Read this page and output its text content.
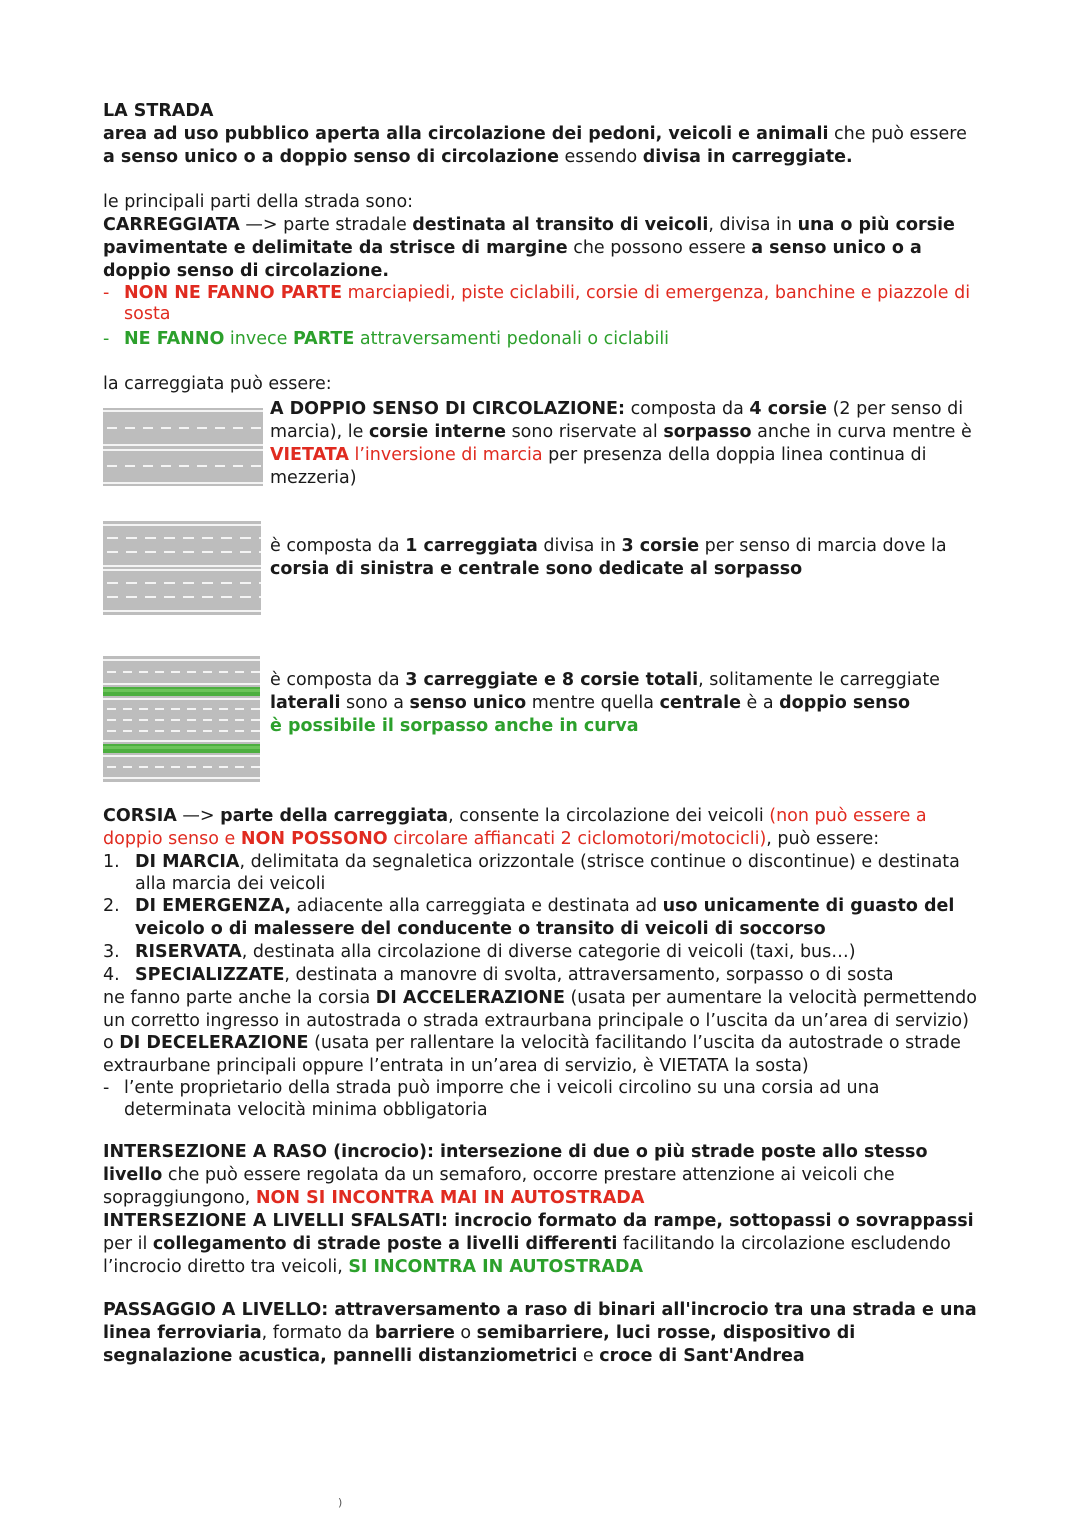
LA STRADA

area ad uso pubblico aperta alla circolazione dei pedoni, veicoli e animali che può essere a senso unico o a doppio senso di circolazione essendo divisa in carreggiate.

le principali parti della strada sono:

CARREGGIATA —> parte stradale destinata al transito di veicoli, divisa in una o più corsie pavimentate e delimitate da strisce di margine che possono essere a senso unico o a doppio senso di circolazione.

- NON NE FANNO PARTE marciapiedi, piste ciclabili, corsie di emergenza, banchine e piazzole di sosta

- NE FANNO invece PARTE attraversamenti pedonali o ciclabili

la carreggiata può essere:

A DOPPIO SENSO DI CIRCOLAZIONE: composta da 4 corsie (2 per senso di marcia), le corsie interne sono riservate al sorpasso anche in curva mentre è VIETATA l’inversione di marcia per presenza della doppia linea continua di mezzeria)
è composta da 1 carreggiata divisa in 3 corsie per senso di marcia dove la corsia di sinistra e centrale sono dedicate al sorpasso
è composta da 3 carreggiate e 8 corsie totali, solitamente le carreggiate laterali sono a senso unico mentre quella centrale è a doppio senso
è possibile il sorpasso anche in curva

CORSIA —> parte della carreggiata, consente la circolazione dei veicoli (non può essere a doppio senso e NON POSSONO circolare affiancati 2 ciclomotori/motocicli), può essere:

1. DI MARCIA, delimitata da segnaletica orizzontale (strisce continue o discontinue) e destinata alla marcia dei veicoli

2. DI EMERGENZA, adiacente alla carreggiata e destinata ad uso unicamente di guasto del veicolo o di malessere del conducente o transito di veicoli di soccorso

3. RISERVATA, destinata alla circolazione di diverse categorie di veicoli (taxi, bus…)

4. SPECIALIZZATE, destinata a manovre di svolta, attraversamento, sorpasso o di sosta

ne fanno parte anche la corsia DI ACCELERAZIONE (usata per aumentare la velocità permettendo un corretto ingresso in autostrada o strada extraurbana principale o l’uscita da un’area di servizio) o DI DECELERAZIONE (usata per rallentare la velocità facilitando l’uscita da autostrade o strade extraurbane principali oppure l’entrata in un’area di servizio, è VIETATA la sosta)

- l’ente proprietario della strada può imporre che i veicoli circolino su una corsia ad una determinata velocità minima obbligatoria

INTERSEZIONE A RASO (incrocio): intersezione di due o più strade poste allo stesso livello che può essere regolata da un semaforo, occorre prestare attenzione ai veicoli che sopraggiungono, NON SI INCONTRA MAI IN AUTOSTRADA

INTERSEZIONE A LIVELLI SFALSATI: incrocio formato da rampe, sottopassi o sovrappassi per il collegamento di strade poste a livelli differenti facilitando la circolazione escludendo l’incrocio diretto tra veicoli, SI INCONTRA IN AUTOSTRADA

PASSAGGIO A LIVELLO: attraversamento a raso di binari all'incrocio tra una strada e una linea ferroviaria, formato da barriere o semibarriere, luci rosse, dispositivo di segnalazione acustica, pannelli distanziometrici e croce di Sant'Andrea

)
